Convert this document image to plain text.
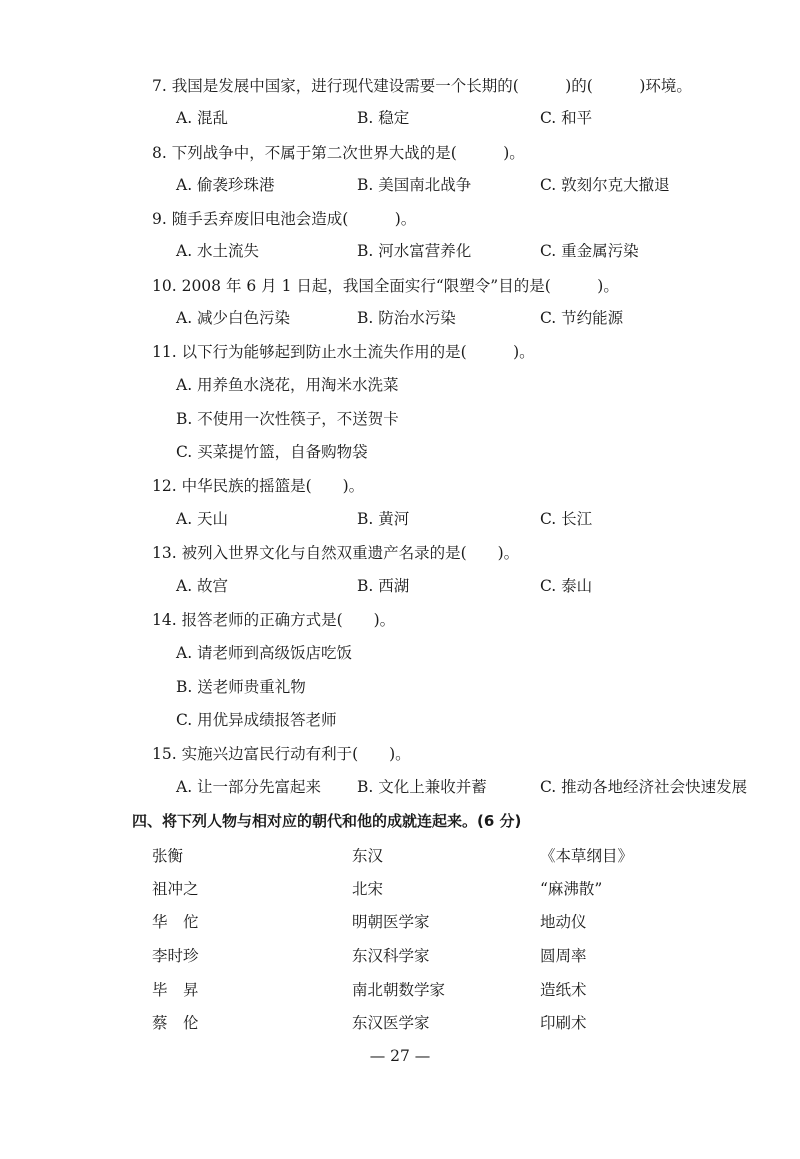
7. 我国是发展中国家，进行现代建设需要一个长期的(　　　)的(　　　)环境。
A. 混乱	B. 稳定	C. 和平
8. 下列战争中，不属于第二次世界大战的是(　　　)。
A. 偷袭珍珠港	B. 美国南北战争	C. 敦刻尔克大撤退
9. 随手丢弃废旧电池会造成(　　　)。
A. 水土流失	B. 河水富营养化	C. 重金属污染
10. 2008 年 6 月 1 日起，我国全面实行“限塑令”目的是(　　　)。
A. 减少白色污染	B. 防治水污染	C. 节约能源
11. 以下行为能够起到防止水土流失作用的是(　　　)。
A. 用养鱼水浇花，用淘米水洗菜
B. 不使用一次性筷子，不送贺卡
C. 买菜提竹篮，自备购物袋
12. 中华民族的摇篮是(　　)。
A. 天山	B. 黄河	C. 长江
13. 被列入世界文化与自然双重遗产名录的是(　　)。
A. 故宫	B. 西湖	C. 泰山
14. 报答老师的正确方式是(　　)。
A. 请老师到高级饭店吃饭
B. 送老师贵重礼物
C. 用优异成绩报答老师
15. 实施兴边富民行动有利于(　　)。
A. 让一部分先富起来 B. 文化上兼收并蓄	C. 推动各地经济社会快速发展
四、将下列人物与相对应的朝代和他的成就连起来。(6 分)
张衡	东汉	《本草纲目》
祖冲之	北宋	“麻沸散”
华　佗	明朝医学家	地动仪
李时珍	东汉科学家	圆周率
毕　昇	南北朝数学家	造纸术
蔡　伦	东汉医学家	印刷术
— 27 —
